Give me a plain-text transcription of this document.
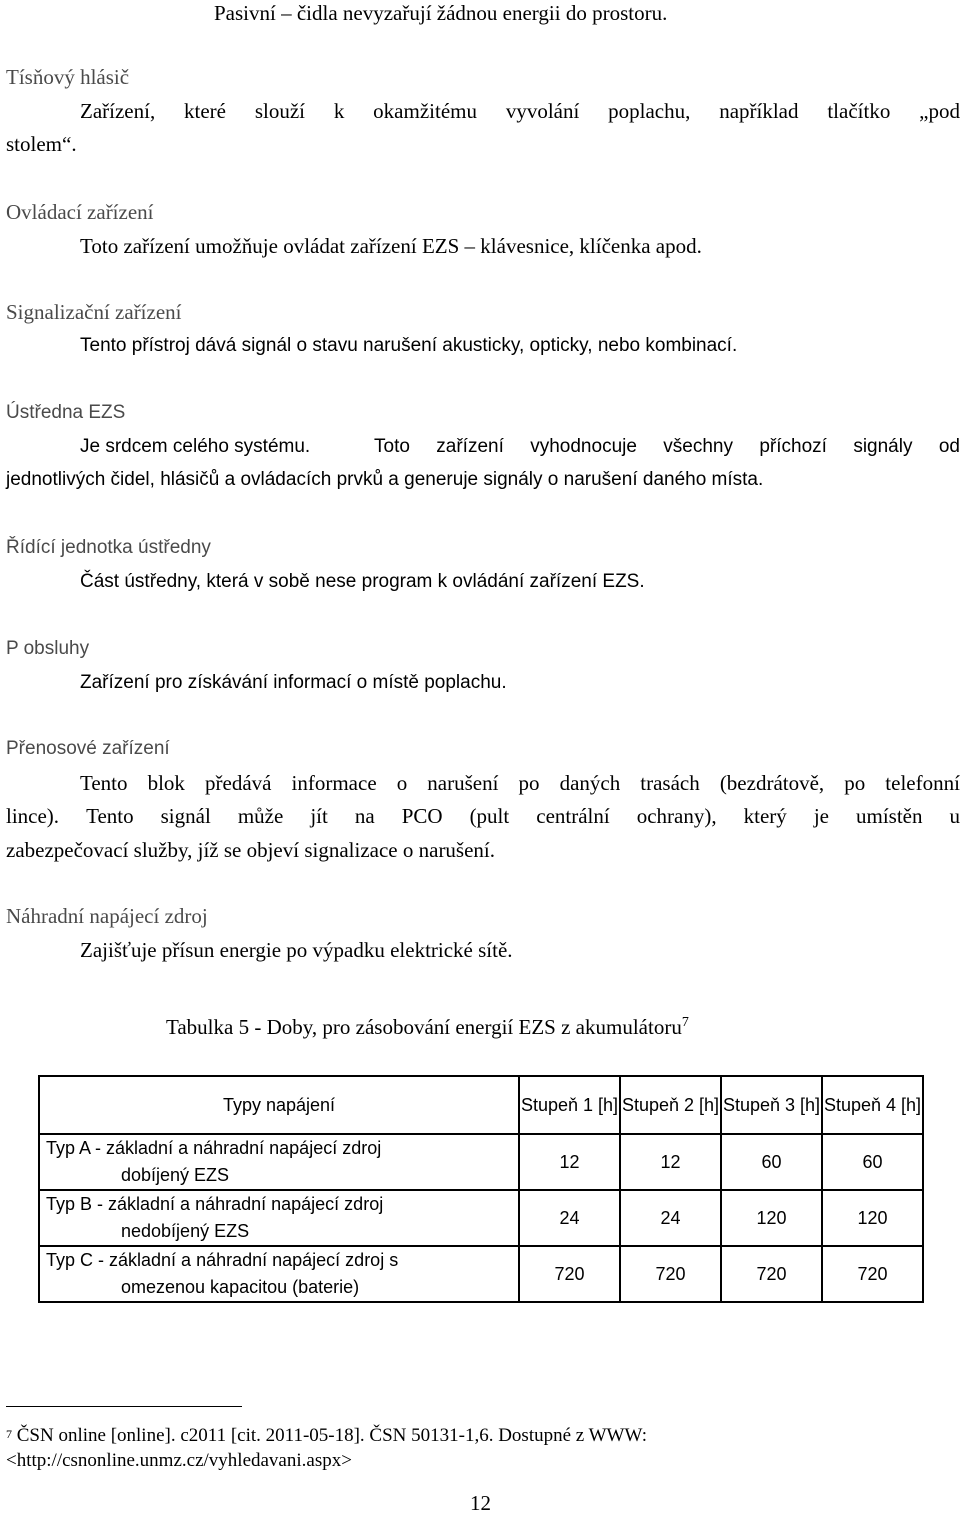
Pasivní – čidla nevyzařují žádnou energii do prostoru.
Tísňový hlásič
Zařízení, které slouží k okamžitému vyvolání poplachu, například tlačítko „pod
stolem“.
Ovládací zařízení
Toto zařízení umožňuje ovládat zařízení EZS – klávesnice, klíčenka apod.
Signalizační zařízení
Tento přístroj dává signál o stavu narušení akusticky, opticky, nebo kombinací.
Ústředna EZS
Je srdcem celého systému.	Toto zařízení vyhodnocuje všechny příchozí signály od
jednotlivých čidel, hlásičů a ovládacích prvků a generuje signály o narušení daného místa.
Řídící jednotka ústředny
Část ústředny, která v sobě nese program k ovládání zařízení EZS.
P obsluhy
Zařízení pro získávání informací o místě poplachu.
Přenosové zařízení
Tento blok předává informace o narušení po daných trasách (bezdrátově, po telefonní
lince). Tento signál může jít na PCO (pult centrální ochrany), který je umístěn u
zabezpečovací služby, jíž se objeví signalizace o narušení.
Náhradní napájecí zdroj
Zajišťuje přísun energie po výpadku elektrické sítě.
Tabulka 5 - Doby, pro zásobování energií EZS z akumulátoru$^7$
Typy napájení	Stupeň 1 [h]	Stupeň 2 [h]	Stupeň 3 [h]	Stupeň 4 [h]

Typ A - základní a náhradní napájecí zdroj
dobíjený EZS	12	12	60	60

Typ B - základní a náhradní napájecí zdroj
nedobíjený EZS	24	24	120	120

Typ C - základní a náhradní napájecí zdroj s
omezenou kapacitou (baterie)	720	720	720	720
$^7$ ČSN online [online]. c2011 [cit. 2011-05-18]. ČSN 50131-1,6. Dostupné z WWW:
<http://csnonline.unmz.cz/vyhledavani.aspx>
12
